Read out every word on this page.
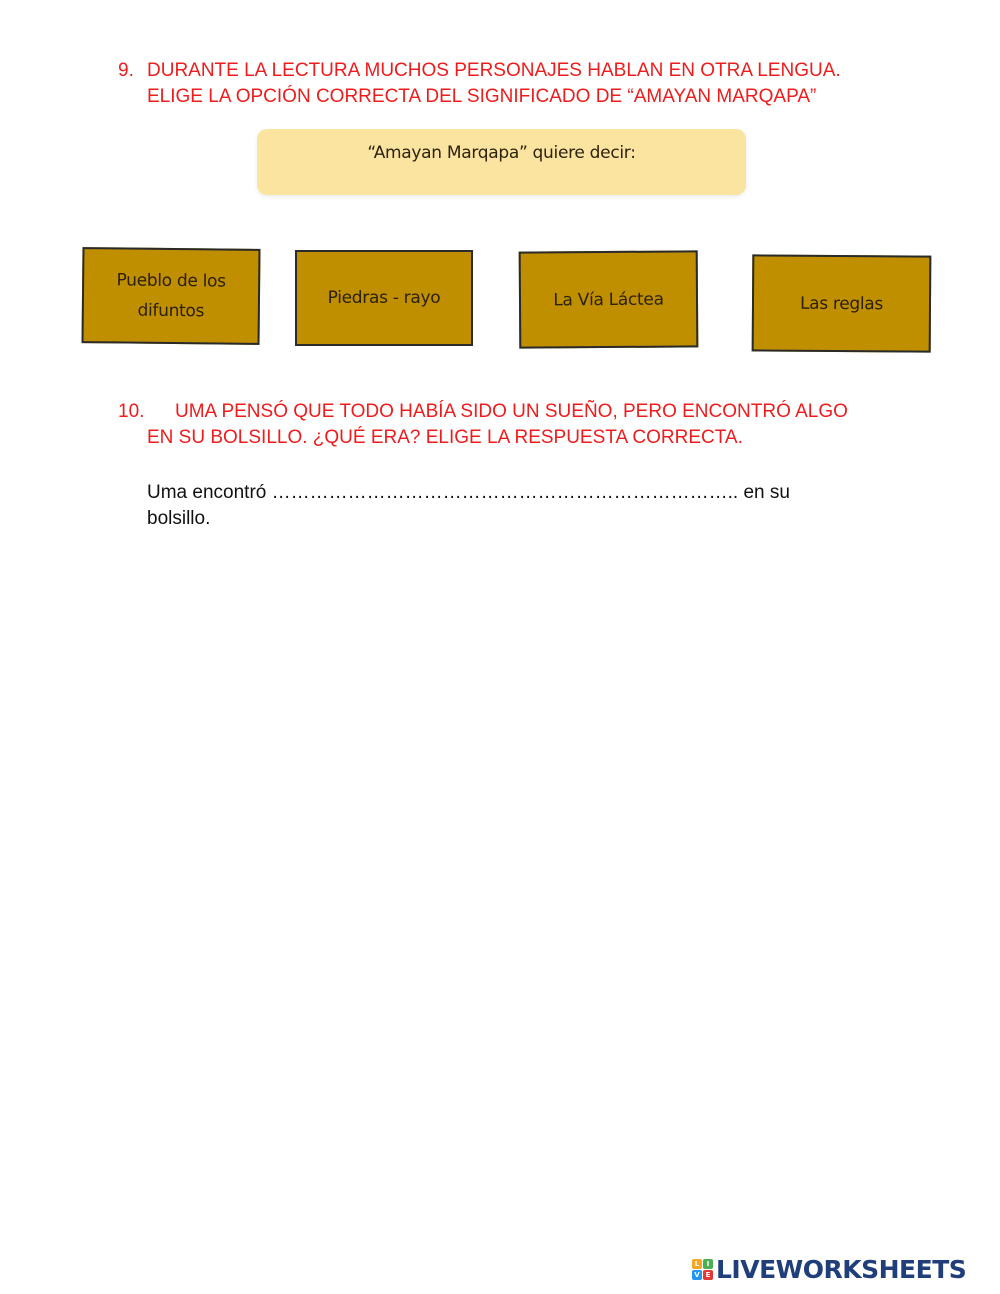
9. DURANTE LA LECTURA MUCHOS PERSONAJES HABLAN EN OTRA LENGUA.
ELIGE LA OPCIÓN CORRECTA DEL SIGNIFICADO DE “AMAYAN MARQAPA”
“Amayan Marqapa” quiere decir:
Pueblo de los
difuntos
Piedras - rayo	La Vía Láctea	Las reglas
10.	UMA PENSÓ QUE TODO HABÍA SIDO UN SUEÑO, PERO ENCONTRÓ ALGO
EN SU BOLSILLO. ¿QUÉ ERA? ELIGE LA RESPUESTA CORRECTA.
Uma encontró ……………………………………………………………….. en su
bolsillo.
L	I
V E LIVEWORKSHEETS
